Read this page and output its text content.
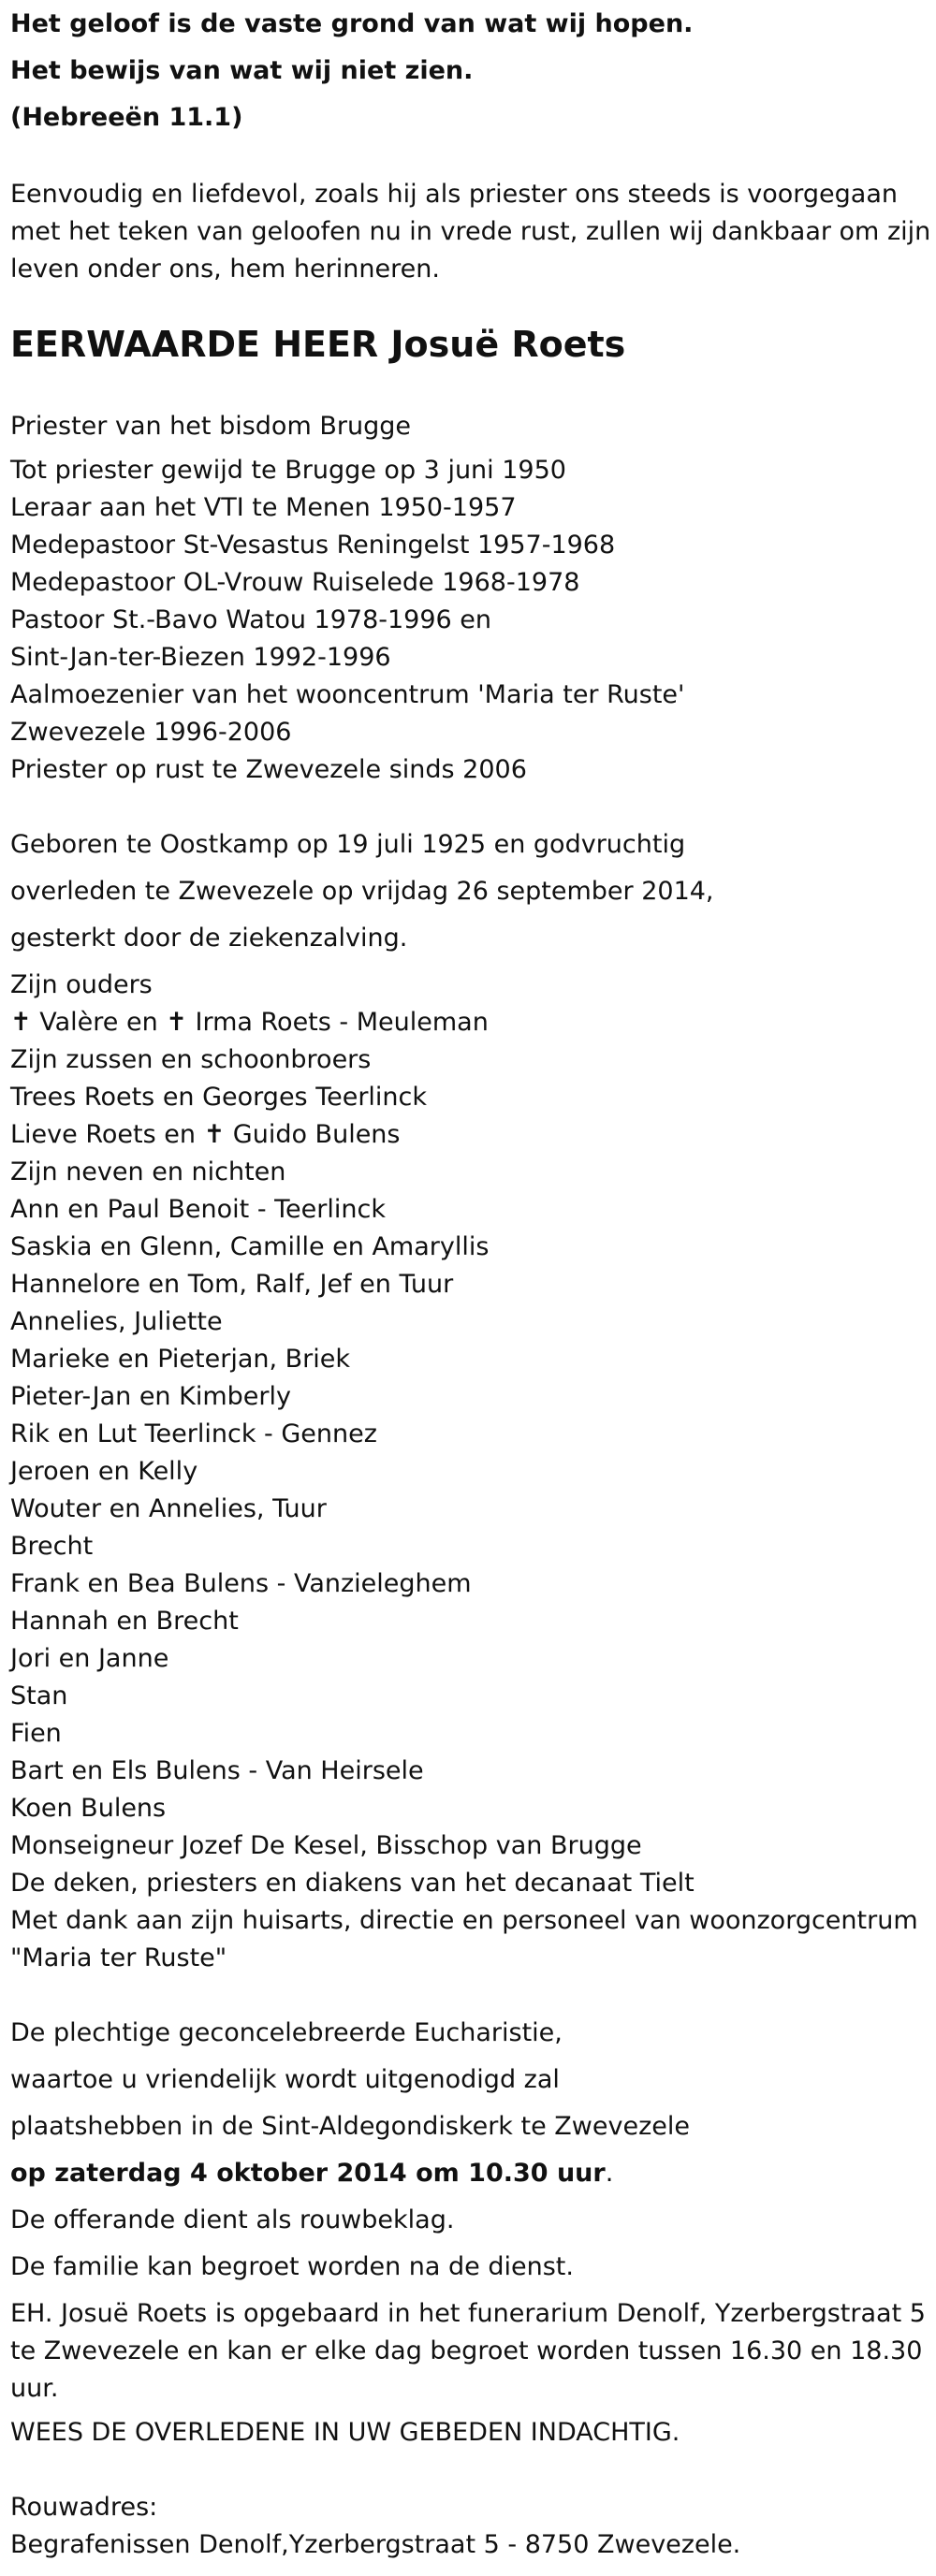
Het geloof is de vaste grond van wat wij hopen.
Het bewijs van wat wij niet zien.
(Hebreeën 11.1)
Eenvoudig en liefdevol, zoals hij als priester ons steeds is voorgegaan
met het teken van geloofen nu in vrede rust, zullen wij dankbaar om zijn
leven onder ons, hem herinneren.
EERWAARDE HEER Josuë Roets
Priester van het bisdom Brugge
Tot priester gewijd te Brugge op 3 juni 1950
Leraar aan het VTI te Menen 1950-1957
Medepastoor St-Vesastus Reningelst 1957-1968
Medepastoor OL-Vrouw Ruiselede 1968-1978
Pastoor St.-Bavo Watou 1978-1996 en
Sint-Jan-ter-Biezen 1992-1996
Aalmoezenier van het wooncentrum 'Maria ter Ruste'
Zwevezele 1996-2006
Priester op rust te Zwevezele sinds 2006
Geboren te Oostkamp op 19 juli 1925 en godvruchtig
overleden te Zwevezele op vrijdag 26 september 2014,
gesterkt door de ziekenzalving.
Zijn ouders
✝ Valère en ✝ Irma Roets - Meuleman
Zijn zussen en schoonbroers
Trees Roets en Georges Teerlinck
Lieve Roets en ✝ Guido Bulens
Zijn neven en nichten
Ann en Paul Benoit - Teerlinck
Saskia en Glenn, Camille en Amaryllis
Hannelore en Tom, Ralf, Jef en Tuur
Annelies, Juliette
Marieke en Pieterjan, Briek
Pieter-Jan en Kimberly
Rik en Lut Teerlinck - Gennez
Jeroen en Kelly
Wouter en Annelies, Tuur
Brecht
Frank en Bea Bulens - Vanzieleghem
Hannah en Brecht
Jori en Janne
Stan
Fien
Bart en Els Bulens - Van Heirsele
Koen Bulens
Monseigneur Jozef De Kesel, Bisschop van Brugge
De deken, priesters en diakens van het decanaat Tielt
Met dank aan zijn huisarts, directie en personeel van woonzorgcentrum
"Maria ter Ruste"
De plechtige geconcelebreerde Eucharistie,
waartoe u vriendelijk wordt uitgenodigd zal
plaatshebben in de Sint-Aldegondiskerk te Zwevezele
op zaterdag 4 oktober 2014 om 10.30 uur.
De offerande dient als rouwbeklag.
De familie kan begroet worden na de dienst.
EH. Josuë Roets is opgebaard in het funerarium Denolf, Yzerbergstraat 5
te Zwevezele en kan er elke dag begroet worden tussen 16.30 en 18.30
uur.
WEES DE OVERLEDENE IN UW GEBEDEN INDACHTIG.
Rouwadres:
Begrafenissen Denolf,Yzerbergstraat 5 - 8750 Zwevezele.
